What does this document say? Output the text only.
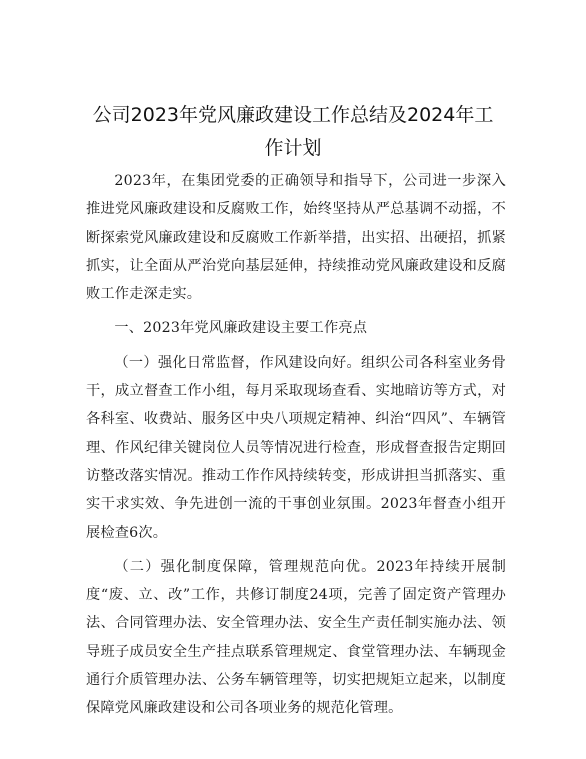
公司2023年党风廉政建设工作总结及2024年工作计划

2023年，在集团党委的正确领导和指导下，公司进一步深入推进党风廉政建设和反腐败工作，始终坚持从严总基调不动摇，不断探索党风廉政建设和反腐败工作新举措，出实招、出硬招，抓紧抓实，让全面从严治党向基层延伸，持续推动党风廉政建设和反腐败工作走深走实。

一、2023年党风廉政建设主要工作亮点

（一）强化日常监督，作风建设向好。组织公司各科室业务骨干，成立督查工作小组，每月采取现场查看、实地暗访等方式，对各科室、收费站、服务区中央八项规定精神、纠治“四风”、车辆管理、作风纪律关键岗位人员等情况进行检查，形成督查报告定期回访整改落实情况。推动工作作风持续转变，形成讲担当抓落实、重实干求实效、争先进创一流的干事创业氛围。2023年督查小组开展检查6次。

（二）强化制度保障，管理规范向优。2023年持续开展制度“废、立、改”工作，共修订制度24项，完善了固定资产管理办法、合同管理办法、安全管理办法、安全生产责任制实施办法、领导班子成员安全生产挂点联系管理规定、食堂管理办法、车辆现金通行介质管理办法、公务车辆管理等，切实把规矩立起来，以制度保障党风廉政建设和公司各项业务的规范化管理。
